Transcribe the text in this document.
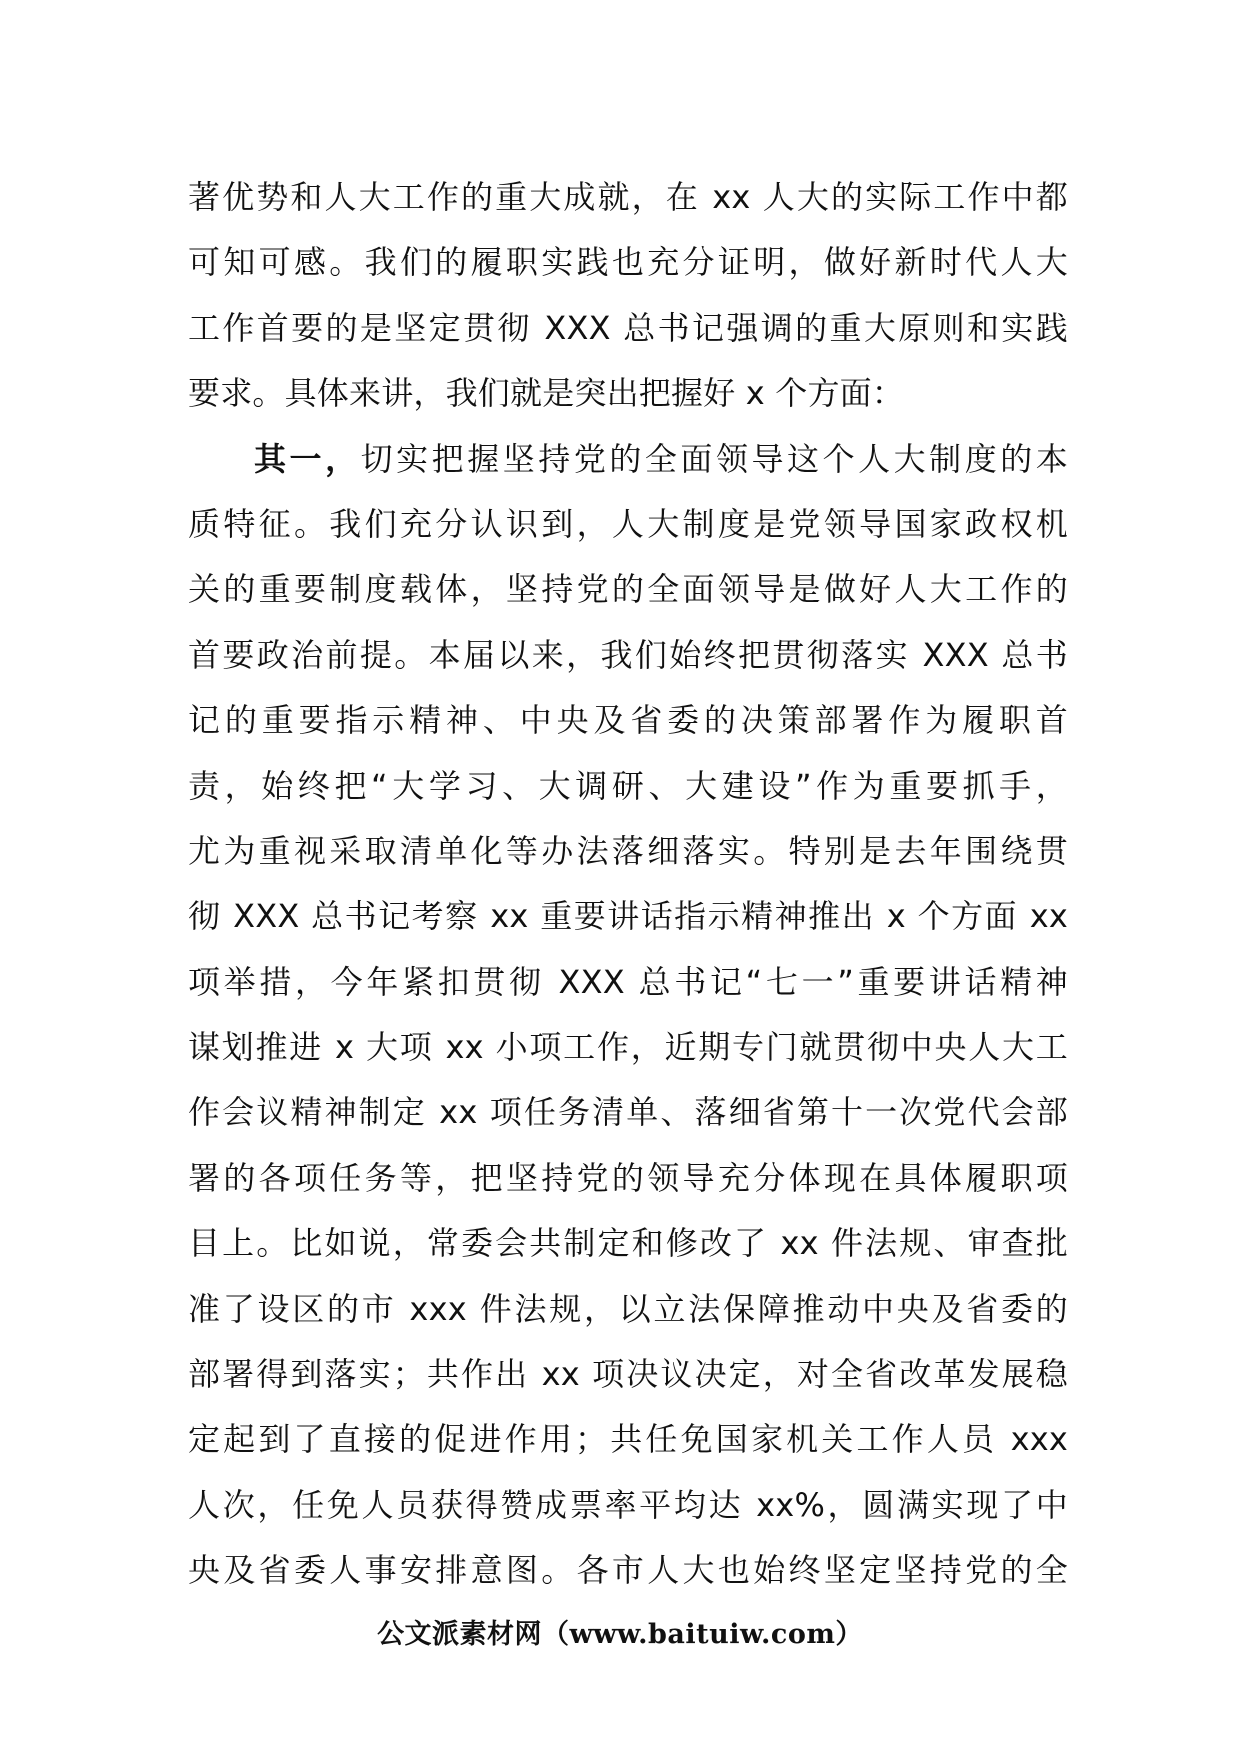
著优势和人大工作的重大成就，在 xx 人大的实际工作中都
可知可感。我们的履职实践也充分证明，做好新时代人大
工作首要的是坚定贯彻 XXX 总书记强调的重大原则和实践
要求。具体来讲，我们就是突出把握好 x 个方面：
其一，切实把握坚持党的全面领导这个人大制度的本
质特征。我们充分认识到，人大制度是党领导国家政权机
关的重要制度载体，坚持党的全面领导是做好人大工作的
首要政治前提。本届以来，我们始终把贯彻落实 XXX 总书
记的重要指示精神、中央及省委的决策部署作为履职首
责，始终把“大学习、大调研、大建设”作为重要抓手，
尤为重视采取清单化等办法落细落实。特别是去年围绕贯
彻 XXX 总书记考察 xx 重要讲话指示精神推出 x 个方面 xx
项举措，今年紧扣贯彻 XXX 总书记“七一”重要讲话精神
谋划推进 x 大项 xx 小项工作，近期专门就贯彻中央人大工
作会议精神制定 xx 项任务清单、落细省第十一次党代会部
署的各项任务等，把坚持党的领导充分体现在具体履职项
目上。比如说，常委会共制定和修改了 xx 件法规、审查批
准了设区的市 xxx 件法规，以立法保障推动中央及省委的
部署得到落实；共作出 xx 项决议决定，对全省改革发展稳
定起到了直接的促进作用；共任免国家机关工作人员 xxx
人次，任免人员获得赞成票率平均达 xx%，圆满实现了中
央及省委人事安排意图。各市人大也始终坚定坚持党的全
公文派素材网（www.baituiw.com）
